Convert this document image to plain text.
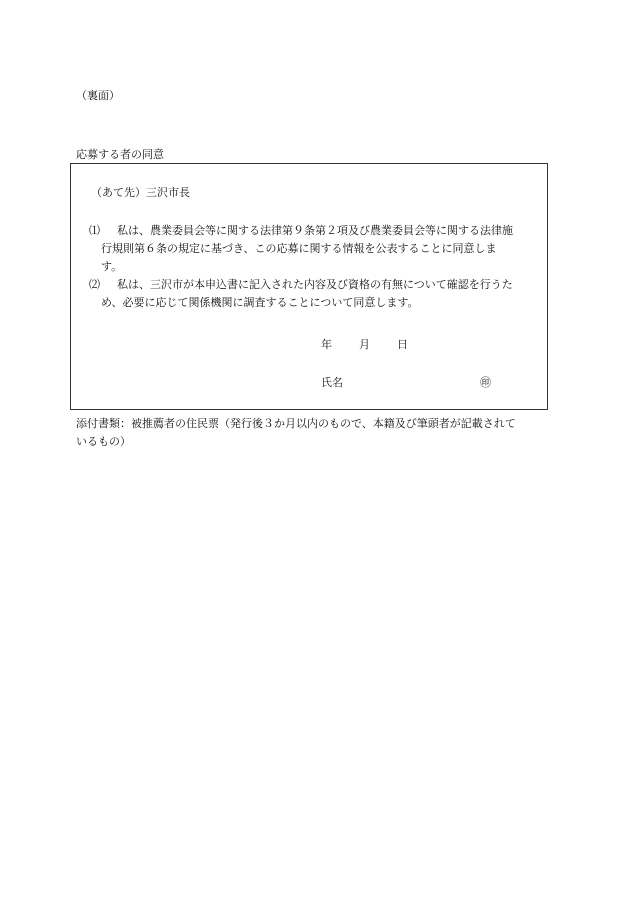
（裏面）
応募する者の同意
（あて先）三沢市長
⑴	私は、農業委員会等に関する法律第９条第２項及び農業委員会等に関する法律施
行規則第６条の規定に基づき、この応募に関する情報を公表することに同意しま
す。
⑵	私は、三沢市が本申込書に記入された内容及び資格の有無について確認を行うた
め、必要に応じて関係機関に調査することについて同意します。
年 月 日
氏名	㊞
添付書類：被推薦者の住民票（発行後３か月以内のもので、本籍及び筆頭者が記載されて
いるもの）
